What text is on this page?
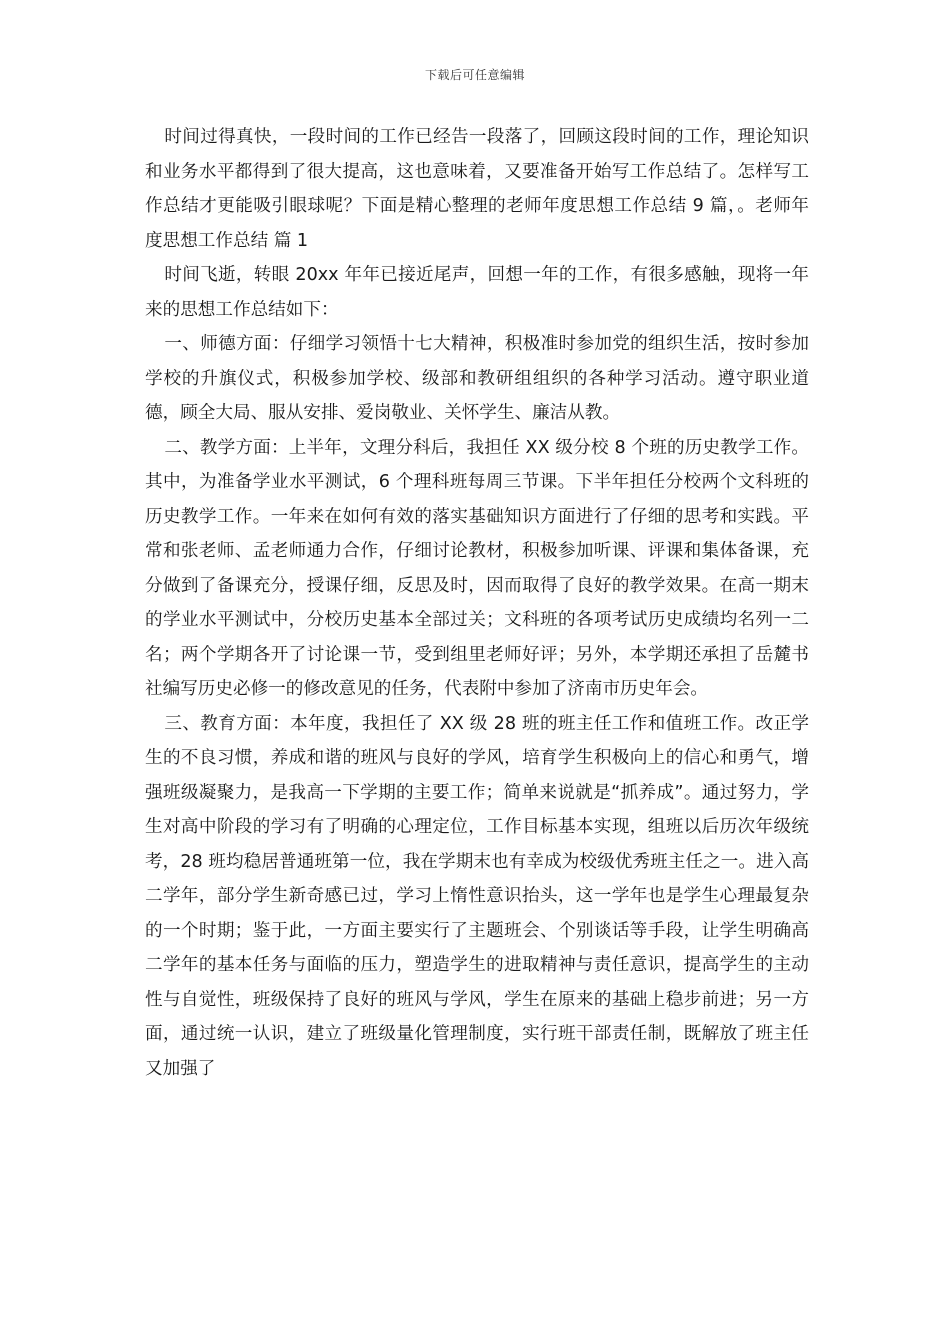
下载后可任意编辑

时间过得真快，一段时间的工作已经告一段落了，回顾这段时间的工作，理论知识和业务水平都得到了很大提高，这也意味着，又要准备开始写工作总结了。怎样写工作总结才更能吸引眼球呢？下面是精心整理的老师年度思想工作总结 9 篇，。老师年度思想工作总结 篇 1

时间飞逝，转眼 20xx 年年已接近尾声，回想一年的工作，有很多感触，现将一年来的思想工作总结如下：

一、师德方面：仔细学习领悟十七大精神，积极准时参加党的组织生活，按时参加学校的升旗仪式，积极参加学校、级部和教研组组织的各种学习活动。遵守职业道德，顾全大局、服从安排、爱岗敬业、关怀学生、廉洁从教。

二、教学方面：上半年，文理分科后，我担任 XX 级分校 8 个班的历史教学工作。其中，为准备学业水平测试，6 个理科班每周三节课。下半年担任分校两个文科班的历史教学工作。一年来在如何有效的落实基础知识方面进行了仔细的思考和实践。平常和张老师、孟老师通力合作，仔细讨论教材，积极参加听课、评课和集体备课，充分做到了备课充分，授课仔细，反思及时，因而取得了良好的教学效果。在高一期末的学业水平测试中，分校历史基本全部过关；文科班的各项考试历史成绩均名列一二名；两个学期各开了讨论课一节，受到组里老师好评；另外，本学期还承担了岳麓书社编写历史必修一的修改意见的任务，代表附中参加了济南市历史年会。

三、教育方面：本年度，我担任了 XX 级 28 班的班主任工作和值班工作。改正学生的不良习惯，养成和谐的班风与良好的学风，培育学生积极向上的信心和勇气，增强班级凝聚力，是我高一下学期的主要工作；简单来说就是“抓养成”。通过努力，学生对高中阶段的学习有了明确的心理定位，工作目标基本实现，组班以后历次年级统考，28 班均稳居普通班第一位，我在学期末也有幸成为校级优秀班主任之一。进入高二学年，部分学生新奇感已过，学习上惰性意识抬头，这一学年也是学生心理最复杂的一个时期；鉴于此，一方面主要实行了主题班会、个别谈话等手段，让学生明确高二学年的基本任务与面临的压力，塑造学生的进取精神与责任意识，提高学生的主动性与自觉性，班级保持了良好的班风与学风，学生在原来的基础上稳步前进；另一方面，通过统一认识，建立了班级量化管理制度，实行班干部责任制，既解放了班主任又加强了
